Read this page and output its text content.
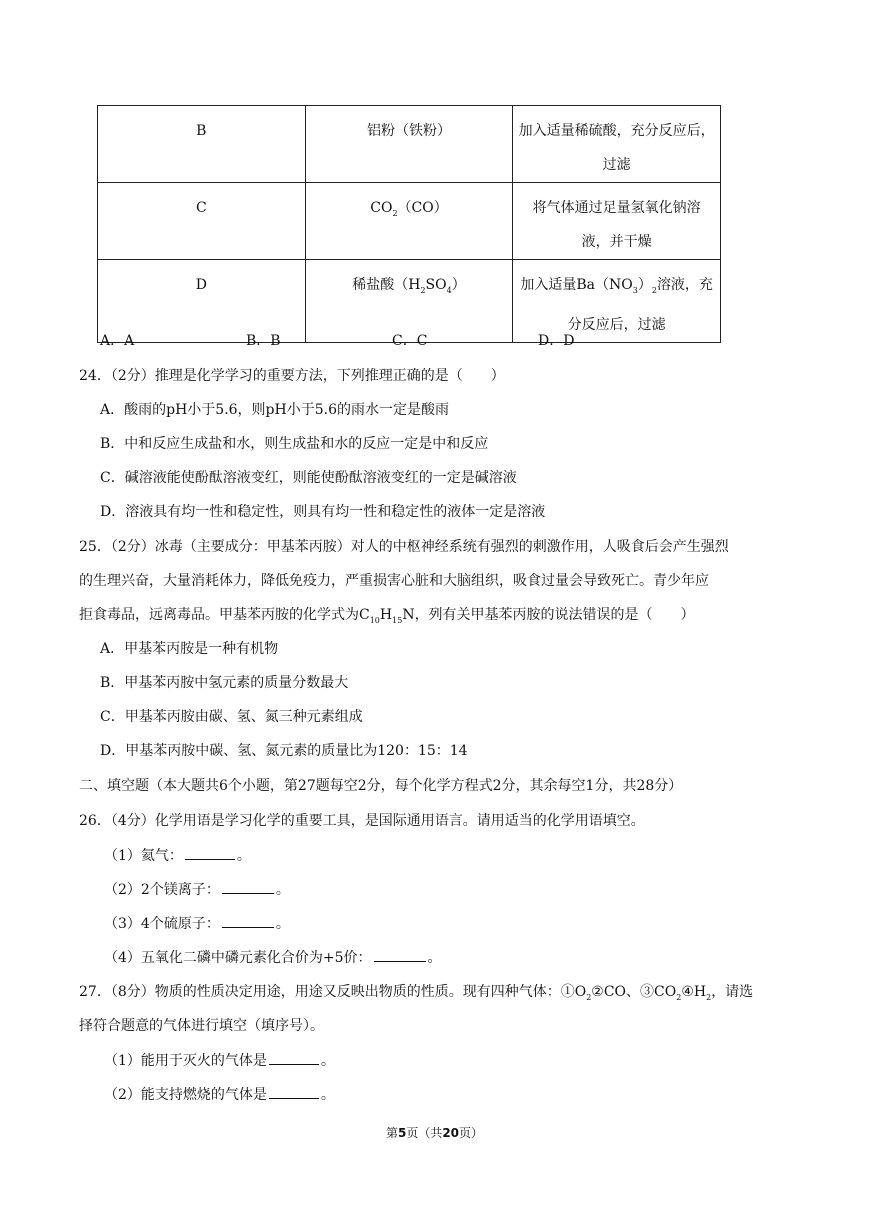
B	铝粉（铁粉）	加入适量稀硫酸，充分反应后，
过滤

C	$CO_2(CO)$	将气体通过足量氢氧化钠溶
液，并干燥

D	稀盐酸$(H_2SO_4)$	加入适量$Ba(NO_3)_2$溶液，充
分反应后，过滤
A．A	B．B	C．C	D．D
24．（2分）推理是化学学习的重要方法，下列推理正确的是（　　）
A．酸雨的pH小于5.6，则pH小于5.6的雨水一定是酸雨
B．中和反应生成盐和水，则生成盐和水的反应一定是中和反应
C．碱溶液能使酚酞溶液变红，则能使酚酞溶液变红的一定是碱溶液
D．溶液具有均一性和稳定性，则具有均一性和稳定性的液体一定是溶液
25．（2分）冰毒（主要成分：甲基苯丙胺）对人的中枢神经系统有强烈的刺激作用，人吸食后会产生强烈
的生理兴奋，大量消耗体力，降低免疫力，严重损害心脏和大脑组织，吸食过量会导致死亡。青少年应
拒食毒品，远离毒品。甲基苯丙胺的化学式为$C_{10}H_{15}N$，列有关甲基苯丙胺的说法错误的是（　　）
A．甲基苯丙胺是一种有机物
B．甲基苯丙胺中氢元素的质量分数最大
C．甲基苯丙胺由碳、氢、氮三种元素组成
D．甲基苯丙胺中碳、氢、氮元素的质量比为120：15：14
二、填空题（本大题共6个小题，第27题每空2分，每个化学方程式2分，其余每空1分，共28分）
26．（4分）化学用语是学习化学的重要工具，是国际通用语言。请用适当的化学用语填空。
（1）氦气：	。
（2）2个镁离子：	。
（3）4个硫原子：	。
（4）五氧化二磷中磷元素化合价为+5价：	。
27．（8分）物质的性质决定用途，用途又反映出物质的性质。现有四种气体：$①O_2②CO$、$③CO_2④H_2$，请选
择符合题意的气体进行填空（填序号）。
（1）能用于灭火的气体是	。
（2）能支持燃烧的气体是	。
第5页（共20页）
